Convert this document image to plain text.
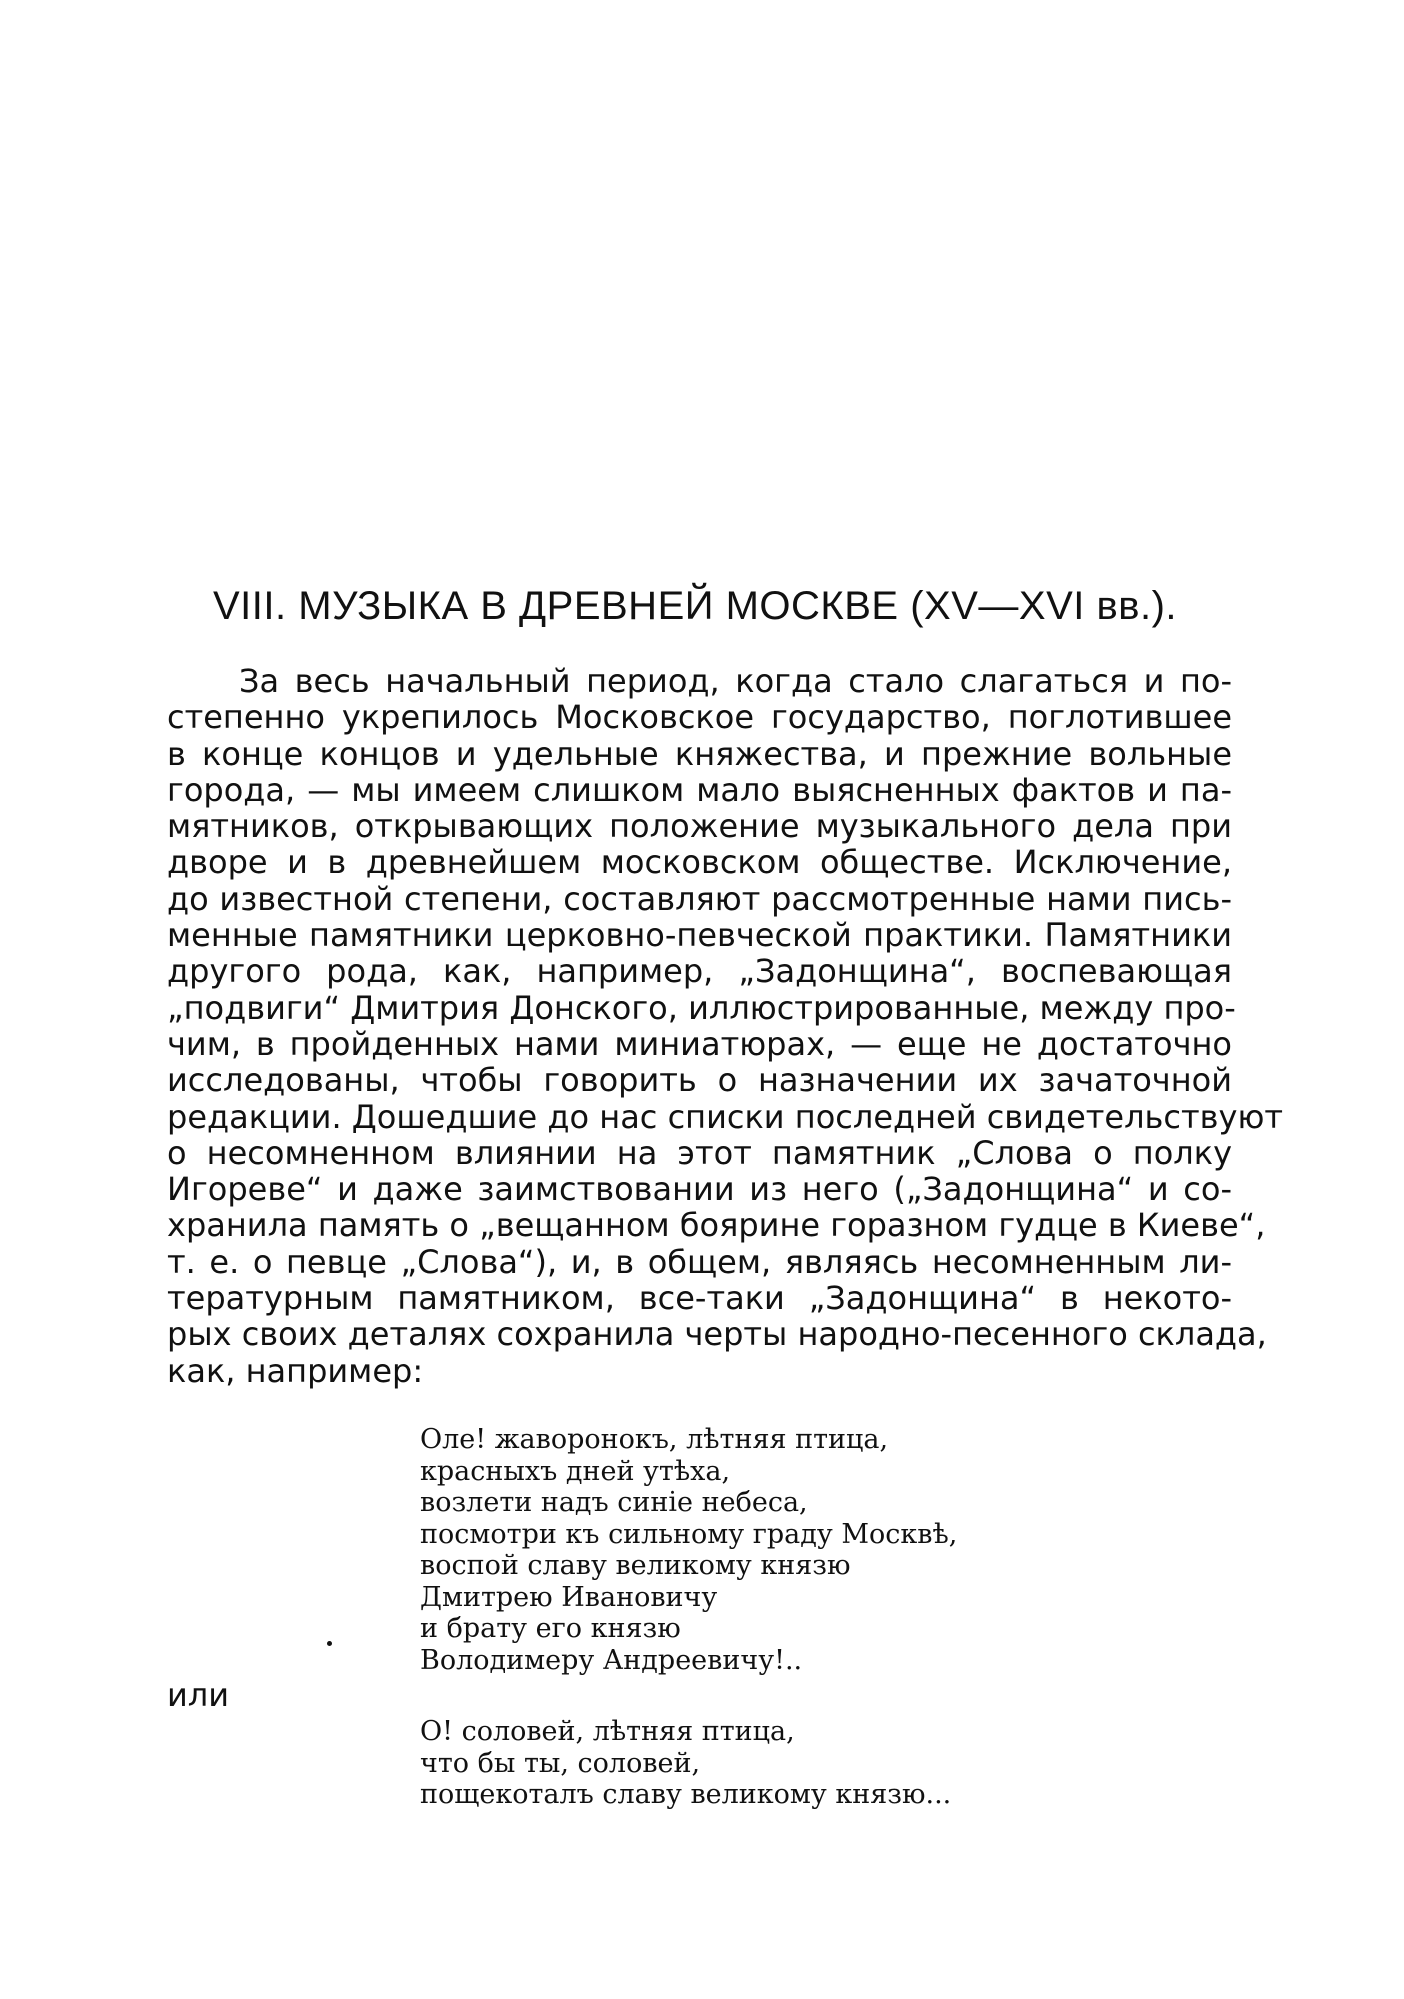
VIII. МУЗЫКА В ДРЕВНЕЙ МОСКВЕ (XV—XVI вв.).
За весь начальный период, когда стало слагаться и по-
степенно укрепилось Московское государство, поглотившее
в конце концов и удельные княжества, и прежние вольные
города, — мы имеем слишком мало выясненных фактов и па-
мятников, открывающих положение музыкального дела при
дворе и в древнейшем московском обществе. Исключение,
до известной степени, составляют рассмотренные нами пись-
менные памятники церковно-певческой практики. Памятники
другого рода, как, например, „Задонщина“, воспевающая
„подвиги“ Дмитрия Донского, иллюстрированные, между про-
чим, в пройденных нами миниатюрах, — еще не достаточно
исследованы, чтобы говорить о назначении их зачаточной
редакции. Дошедшие до нас списки последней свидетельствуют
о несомненном влиянии на этот памятник „Слова о полку
Игореве“ и даже заимствовании из него („Задонщина“ и со-
хранила память о „вещанном боярине горазном гудце в Киеве“,
т. е. о певце „Слова“), и, в общем, являясь несомненным ли-
тературным памятником, все-таки „Задонщина“ в некото-
рых своих деталях сохранила черты народно-песенного склада,
как, например:
Оле! жаворонокъ, лѣтняя птица,
красныхъ дней утѣха,
возлети надъ синіе небеса,
посмотри къ сильному граду Москвѣ,
воспой славу великому князю
Дмитрею Ивановичу
и брату его князю
Володимеру Андреевичу!..

или

О! соловей, лѣтняя птица,
что бы ты, соловей,
пощекоталъ славу великому князю...
